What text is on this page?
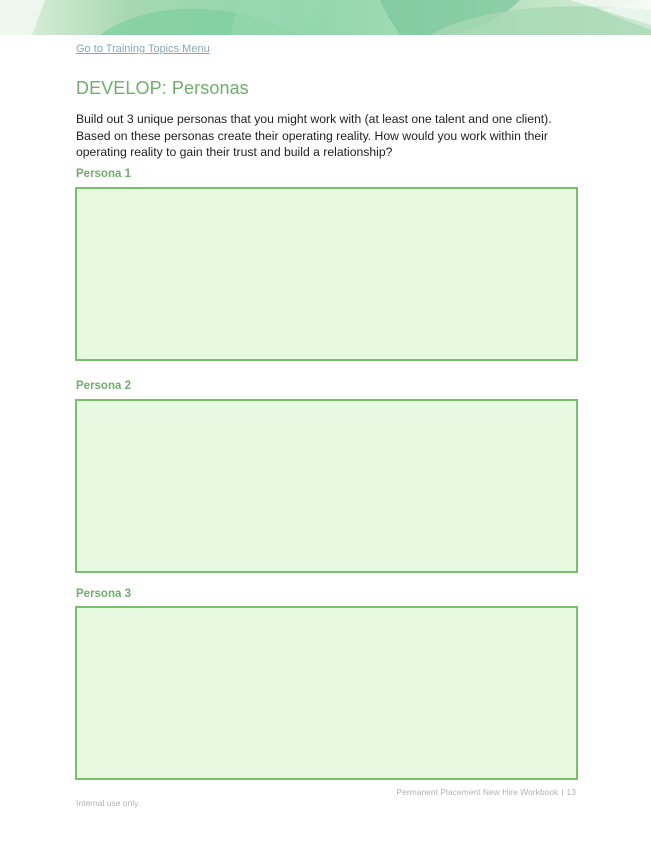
Go to Training Topics Menu
DEVELOP: Personas

Build out 3 unique personas that you might work with (at least one talent and one client). Based on these personas create their operating reality. How would you work within their operating reality to gain their trust and build a relationship?

Persona 1

Persona 2

Persona 3

Permanent Placement New Hire Workbook | 13
Internal use only.
